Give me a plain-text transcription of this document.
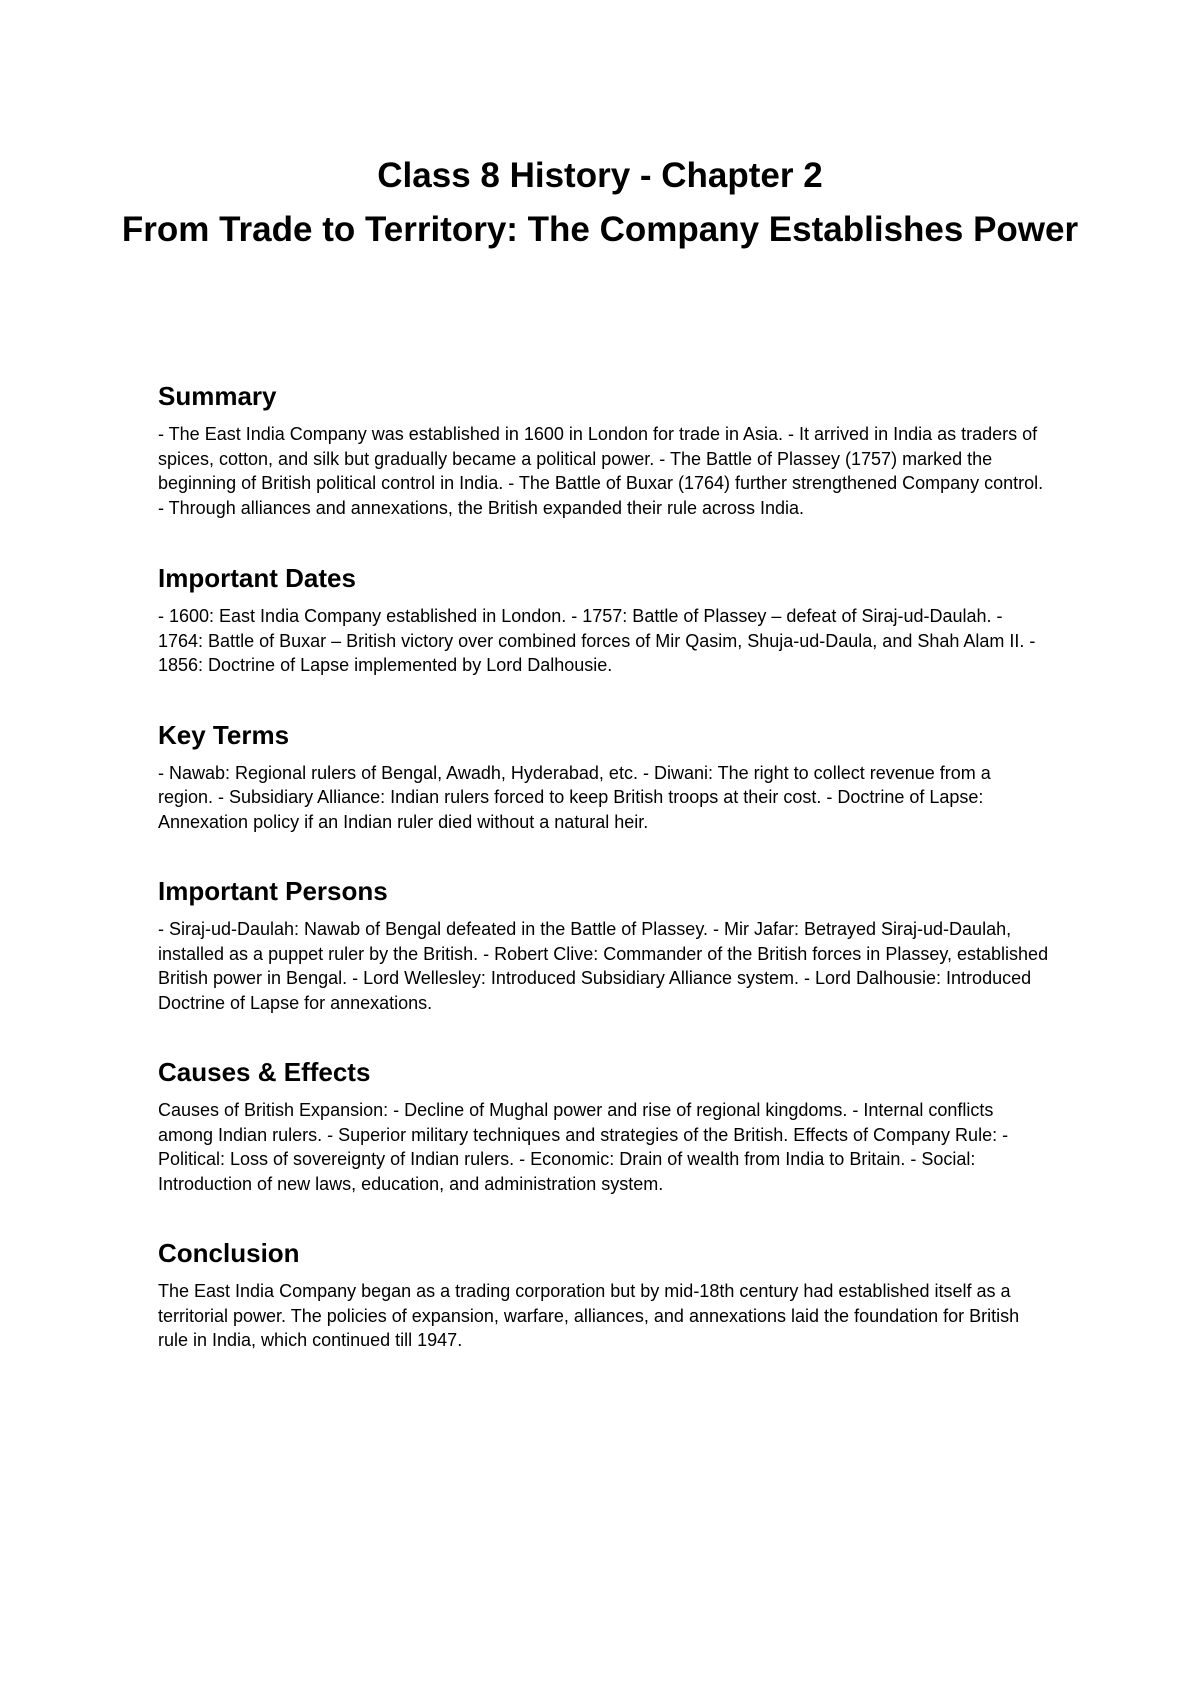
Class 8 History - Chapter 2
From Trade to Territory: The Company Establishes Power
Summary

- The East India Company was established in 1600 in London for trade in Asia. - It arrived in India as traders of spices, cotton, and silk but gradually became a political power. - The Battle of Plassey (1757) marked the beginning of British political control in India. - The Battle of Buxar (1764) further strengthened Company control. - Through alliances and annexations, the British expanded their rule across India.

Important Dates

- 1600: East India Company established in London. - 1757: Battle of Plassey – defeat of Siraj-ud-Daulah. - 1764: Battle of Buxar – British victory over combined forces of Mir Qasim, Shuja-ud-Daula, and Shah Alam II. - 1856: Doctrine of Lapse implemented by Lord Dalhousie.

Key Terms

- Nawab: Regional rulers of Bengal, Awadh, Hyderabad, etc. - Diwani: The right to collect revenue from a region. - Subsidiary Alliance: Indian rulers forced to keep British troops at their cost. - Doctrine of Lapse: Annexation policy if an Indian ruler died without a natural heir.

Important Persons

- Siraj-ud-Daulah: Nawab of Bengal defeated in the Battle of Plassey. - Mir Jafar: Betrayed Siraj-ud-Daulah, installed as a puppet ruler by the British. - Robert Clive: Commander of the British forces in Plassey, established British power in Bengal. - Lord Wellesley: Introduced Subsidiary Alliance system. - Lord Dalhousie: Introduced Doctrine of Lapse for annexations.

Causes & Effects

Causes of British Expansion: - Decline of Mughal power and rise of regional kingdoms. - Internal conflicts among Indian rulers. - Superior military techniques and strategies of the British. Effects of Company Rule: - Political: Loss of sovereignty of Indian rulers. - Economic: Drain of wealth from India to Britain. - Social: Introduction of new laws, education, and administration system.

Conclusion

The East India Company began as a trading corporation but by mid-18th century had established itself as a territorial power. The policies of expansion, warfare, alliances, and annexations laid the foundation for British rule in India, which continued till 1947.
